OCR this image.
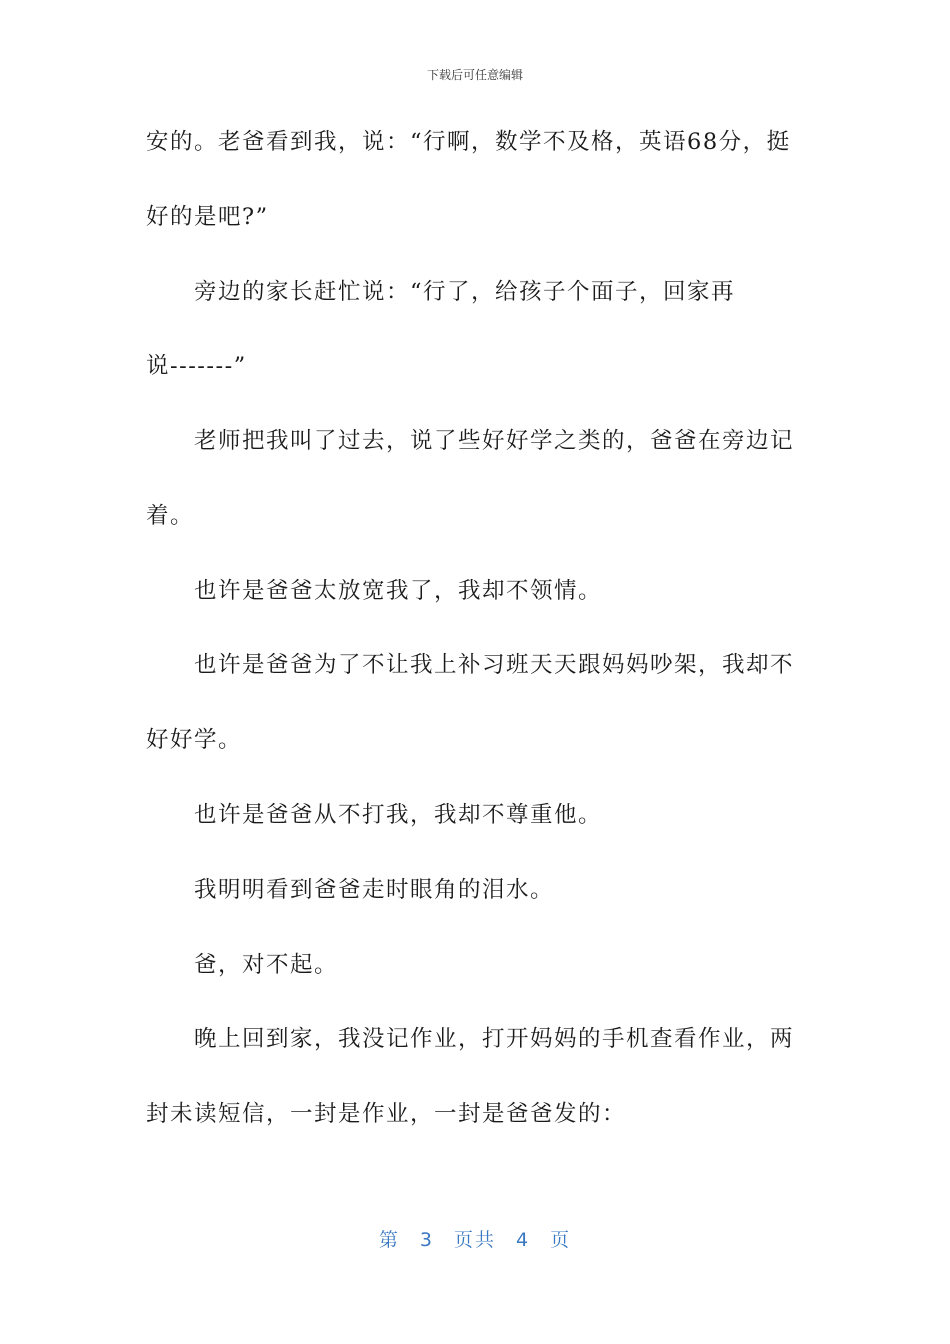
下载后可任意编辑
安的。老爸看到我，说：“行啊，数学不及格，英语68分，挺
好的是吧?”
旁边的家长赶忙说：“行了，给孩子个面子，回家再
说-------”
老师把我叫了过去，说了些好好学之类的，爸爸在旁边记
着。
也许是爸爸太放宽我了，我却不领情。
也许是爸爸为了不让我上补习班天天跟妈妈吵架，我却不
好好学。
也许是爸爸从不打我，我却不尊重他。
我明明看到爸爸走时眼角的泪水。
爸，对不起。
晚上回到家，我没记作业，打开妈妈的手机查看作业，两
封未读短信，一封是作业，一封是爸爸发的：
第 3 页共 4 页
